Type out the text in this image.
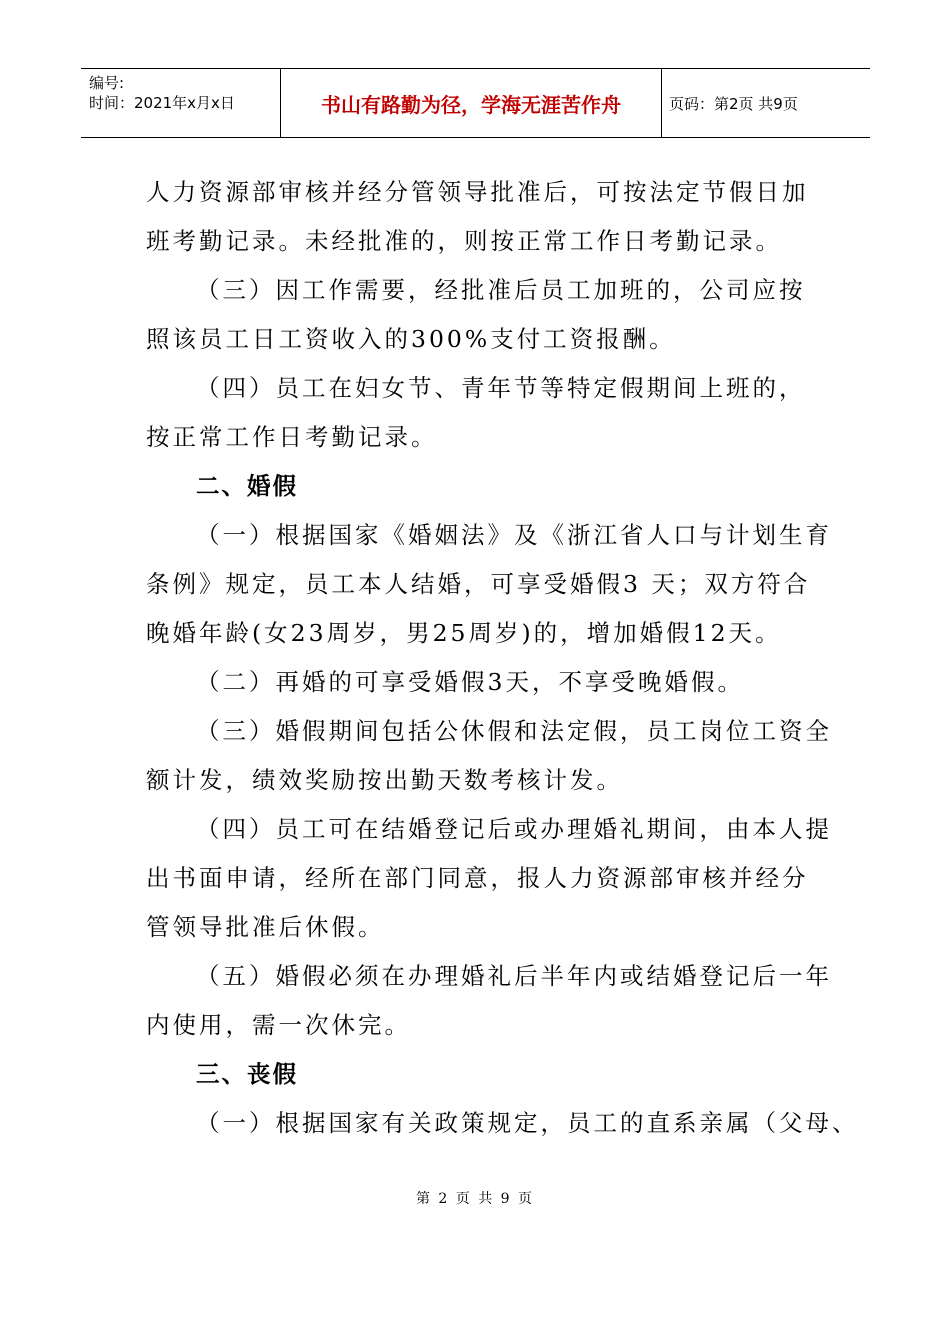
编号:
时间：2021年x月x日	书山有路勤为径，学海无涯苦作舟	页码：第2页 共9页
人力资源部审核并经分管领导批准后，可按法定节假日加
班考勤记录。未经批准的，则按正常工作日考勤记录。
（三）因工作需要，经批准后员工加班的，公司应按
照该员工日工资收入的300%支付工资报酬。
（四）员工在妇女节、青年节等特定假期间上班的，
按正常工作日考勤记录。
二、婚假
（一）根据国家《婚姻法》及《浙江省人口与计划生育
条例》规定，员工本人结婚，可享受婚假3 天；双方符合
晚婚年龄(女23周岁，男25周岁)的，增加婚假12天。
（二）再婚的可享受婚假3天，不享受晚婚假。
（三）婚假期间包括公休假和法定假，员工岗位工资全
额计发，绩效奖励按出勤天数考核计发。
（四）员工可在结婚登记后或办理婚礼期间，由本人提
出书面申请，经所在部门同意，报人力资源部审核并经分
管领导批准后休假。
（五）婚假必须在办理婚礼后半年内或结婚登记后一年
内使用，需一次休完。
三、丧假
（一）根据国家有关政策规定，员工的直系亲属（父母、
第 2 页 共 9 页
